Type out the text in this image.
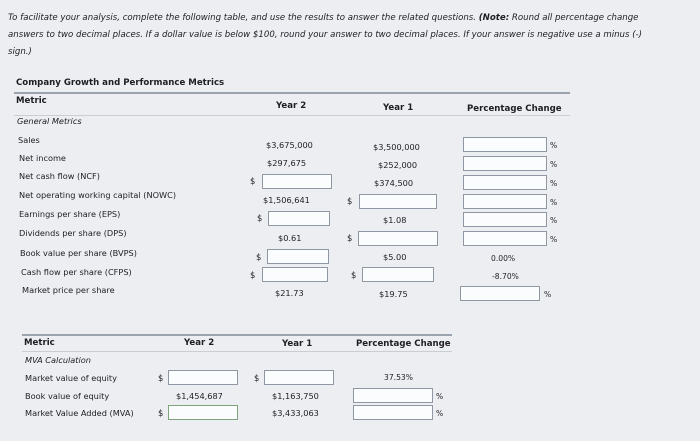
To facilitate your analysis, complete the following table, and use the results to answer the related questions. (Note: Round all percentage change
answers to two decimal places. If a dollar value is below $100, round your answer to two decimal places. If your answer is negative use a minus (-)
sign.)
Company Growth and Performance Metrics
Metric	Year 2	Year 1	Percentage Change
General Metrics
Sales	$3,675,000	$3,500,000	%
Net income	$297,675	$252,000	%
Net cash flow (NCF)	$	$374,500	%
Net operating working capital (NOWC)	$1,506,641	$	%
Earnings per share (EPS)	$	$1.08	%
Dividends per share (DPS)	$0.61	$	%
Book value per share (BVPS)	$	$5.00	0.00%
Cash flow per share (CFPS)	$	$	-8.70%
Market price per share	$21.73	$19.75	%
Metric	Year 2	Year 1	Percentage Change
MVA Calculation
Market value of equity	$	$	37.53%
Book value of equity	$1,454,687	$1,163,750	%
Market Value Added (MVA)	$	$3,433,063	%
